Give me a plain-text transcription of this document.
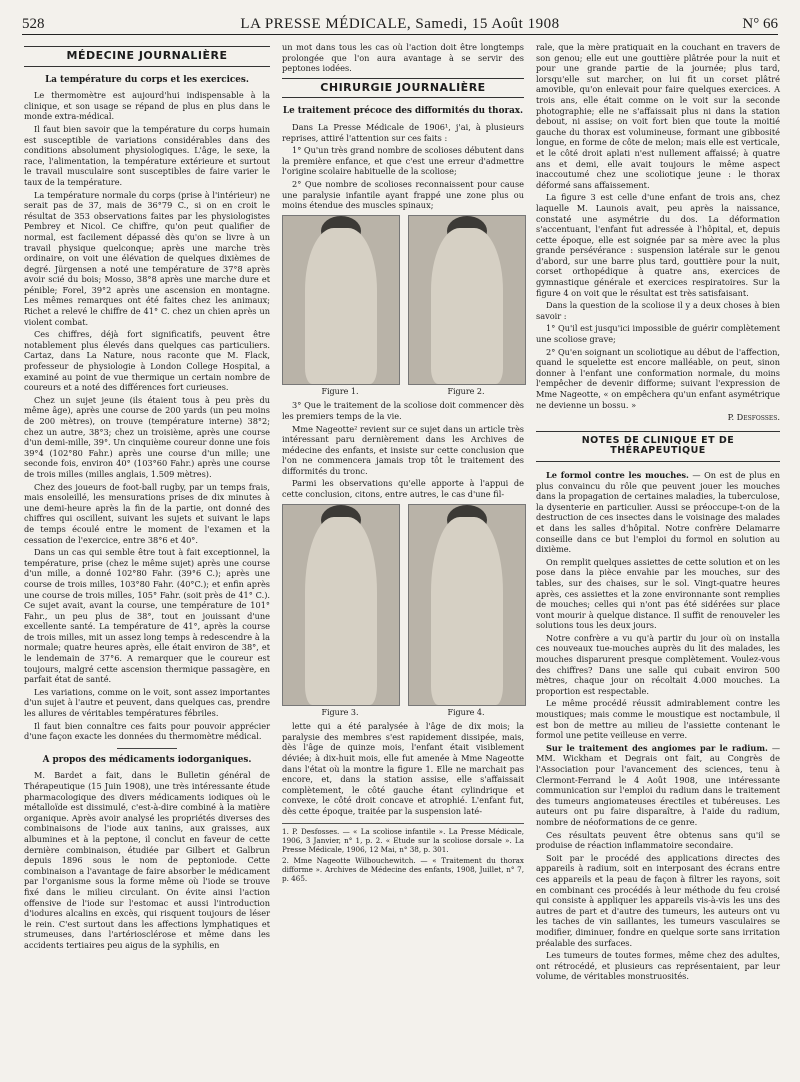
528	LA PRESSE MÉDICALE, Samedi, 15 Août 1908	N° 66
MÉDECINE JOURNALIÈRE
La température du corps et les exercices.

Le thermomètre est aujourd'hui indispensable à la clinique, et son usage se répand de plus en plus dans le monde extra-médical.

Il faut bien savoir que la température du corps humain est susceptible de variations considérables dans des conditions absolument physiologiques. L'âge, le sexe, la race, l'alimentation, la température extérieure et surtout le travail musculaire sont susceptibles de faire varier le taux de la température.

La température normale du corps (prise à l'intérieur) ne serait pas de 37, mais de 36°79 C., si on en croit le résultat de 353 observations faites par les physiologistes Pembrey et Nicol. Ce chiffre, qu'on peut qualifier de normal, est facilement dépassé dès qu'on se livre à un travail physique quelconque; après une marche très ordinaire, on voit une élévation de quelques dixièmes de degré. Jürgensen a noté une température de 37°8 après avoir scié du bois; Mosso, 38°8 après une marche dure et pénible; Forel, 39°2 après une ascension en montagne. Les mêmes remarques ont été faites chez les animaux; Richet a relevé le chiffre de 41° C. chez un chien après un violent combat.

Ces chiffres, déjà fort significatifs, peuvent être notablement plus élevés dans quelques cas particuliers. Cartaz, dans La Nature, nous raconte que M. Flack, professeur de physiologie à London College Hospital, a examiné au point de vue thermique un certain nombre de coureurs et a noté des différences fort curieuses.

Chez un sujet jeune (ils étaient tous à peu près du même âge), après une course de 200 yards (un peu moins de 200 mètres), on trouve (température interne) 38°2; chez un autre, 38°3; chez un troisième, après une course d'un demi-mille, 39°. Un cinquième coureur donne une fois 39°4 (102°80 Fahr.) après une course d'un mille; une seconde fois, environ 40° (103°60 Fahr.) après une course de trois milles (milles anglais, 1.509 mètres).

Chez des joueurs de foot-ball rugby, par un temps frais, mais ensoleillé, les mensurations prises de dix minutes à une demi-heure après la fin de la partie, ont donné des chiffres qui oscillent, suivant les sujets et suivant le laps de temps écoulé entre le moment de l'examen et la cessation de l'exercice, entre 38°6 et 40°.

Dans un cas qui semble être tout à fait exceptionnel, la température, prise (chez le même sujet) après une course d'un mille, a donné 102°80 Fahr. (39°6 C.); après une course de trois milles, 103°80 Fahr. (40°C.); et enfin après une course de trois milles, 105° Fahr. (soit près de 41° C.). Ce sujet avait, avant la course, une température de 101° Fahr., un peu plus de 38°, tout en jouissant d'une excellente santé. La température de 41°, après la course de trois milles, mit un assez long temps à redescendre à la normale; quatre heures après, elle était environ de 38°, et le lendemain de 37°6. A remarquer que le coureur est toujours, malgré cette ascension thermique passagère, en parfait état de santé.

Les variations, comme on le voit, sont assez importantes d'un sujet à l'autre et peuvent, dans quelques cas, prendre les allures de véritables températures fébriles.

Il faut bien connaître ces faits pour pouvoir apprécier d'une façon exacte les données du thermomètre médical.

A propos des médicaments iodorganiques.

M. Bardet a fait, dans le Bulletin général de Thérapeutique (15 Juin 1908), une très intéressante étude pharmacologique des divers médicaments iodiques où le métalloïde est dissimulé, c'est-à-dire combiné à la matière organique. Après avoir analysé les propriétés diverses des combinaisons de l'iode aux tanins, aux graisses, aux albumines et à la peptone, il conclut en faveur de cette dernière combinaison, étudiée par Gilbert et Galbrun depuis 1896 sous le nom de peptoniode. Cette combinaison a l'avantage de faire absorber le médicament par l'organisme sous la forme même où l'iode se trouve fixé dans le milieu circulant. On évite ainsi l'action offensive de l'iode sur l'estomac et aussi l'introduction d'iodures alcalins en excès, qui risquent toujours de léser le rein. C'est surtout dans les affections lymphatiques et strumeuses, dans l'artériosclérose et même dans les accidents tertiaires peu aigus de la syphilis, en

un mot dans tous les cas où l'action doit être longtemps prolongée que l'on aura avantage à se servir des peptones iodées.

CHIRURGIE JOURNALIÈRE
Le traitement précoce des difformités du thorax.

Dans La Presse Médicale de 1906¹, j'ai, à plusieurs reprises, attiré l'attention sur ces faits :

1° Qu'un très grand nombre de scolioses débutent dans la première enfance, et que c'est une erreur d'admettre l'origine scolaire habituelle de la scoliose;

2° Que nombre de scolioses reconnaissent pour cause une paralysie infantile ayant frappé une zone plus ou moins étendue des muscles spinaux;

Figure 1.	Figure 2.

3° Que le traitement de la scoliose doit commencer dès les premiers temps de la vie.

Mme Nageotte² revient sur ce sujet dans un article très intéressant paru dernièrement dans les Archives de médecine des enfants, et insiste sur cette conclusion que l'on ne commencera jamais trop tôt le traitement des difformités du tronc.

Parmi les observations qu'elle apporte à l'appui de cette conclusion, citons, entre autres, le cas d'une fil-

Figure 3.	Figure 4.

lette qui a été paralysée à l'âge de dix mois; la paralysie des membres s'est rapidement dissipée, mais, dès l'âge de quinze mois, l'enfant était visiblement déviée; à dix-huit mois, elle fut amenée à Mme Nageotte dans l'état où la montre la figure 1. Elle ne marchait pas encore, et, dans la station assise, elle s'affaissait complètement, le côté gauche étant cylindrique et convexe, le côté droit concave et atrophié. L'enfant fut, dès cette époque, traitée par la suspension laté-

1. P. Desfosses. — « La scoliose infantile ». La Presse Médicale, 1906, 3 Janvier, n° 1, p. 2. « Etude sur la scoliose dorsale ». La Presse Médicale, 1906, 12 Mai, n° 38, p. 301.

2. Mme Nageotte Wilbouchewitch. — « Traitement du thorax difforme ». Archives de Médecine des enfants, 1908, Juillet, n° 7, p. 465.

rale, que la mère pratiquait en la couchant en travers de son genou; elle eut une gouttière plâtrée pour la nuit et pour une grande partie de la journée; plus tard, lorsqu'elle sut marcher, on lui fit un corset plâtré amovible, qu'on enlevait pour faire quelques exercices. A trois ans, elle était comme on le voit sur la seconde photographie; elle ne s'affaissait plus ni dans la station debout, ni assise; on voit fort bien que toute la moitié gauche du thorax est volumineuse, formant une gibbosité longue, en forme de côte de melon; mais elle est verticale, et le côté droit aplati n'est nullement affaissé; à quatre ans et demi, elle avait toujours le même aspect inaccoutumé chez une scoliotique jeune : le thorax déformé sans affaissement.

La figure 3 est celle d'une enfant de trois ans, chez laquelle M. Launois avait, peu après la naissance, constaté une asymétrie du dos. La déformation s'accentuant, l'enfant fut adressée à l'hôpital, et, depuis cette époque, elle est soignée par sa mère avec la plus grande persévérance : suspension latérale sur le genou d'abord, sur une barre plus tard, gouttière pour la nuit, corset orthopédique à quatre ans, exercices de gymnastique générale et exercices respiratoires. Sur la figure 4 on voit que le résultat est très satisfaisant.

Dans la question de la scoliose il y a deux choses à bien savoir :

1° Qu'il est jusqu'ici impossible de guérir complètement une scoliose grave;

2° Qu'en soignant un scoliotique au début de l'affection, quand le squelette est encore malléable, on peut, sinon donner à l'enfant une conformation normale, du moins l'empêcher de devenir difforme; suivant l'expression de Mme Nageotte, « on empêchera qu'un enfant asymétrique ne devienne un bossu. »

P. Desfosses.
NOTES DE CLINIQUE ET DE THÉRAPEUTIQUE

Le formol contre les mouches. — On est de plus en plus convaincu du rôle que peuvent jouer les mouches dans la propagation de certaines maladies, la tuberculose, la dysenterie en particulier. Aussi se préoccupe-t-on de la destruction de ces insectes dans le voisinage des malades et dans les salles d'hôpital. Notre confrère Delamarre conseille dans ce but l'emploi du formol en solution au dixième.

On remplit quelques assiettes de cette solution et on les pose dans la pièce envahie par les mouches, sur des tables, sur des chaises, sur le sol. Vingt-quatre heures après, ces assiettes et la zone environnante sont remplies de mouches; celles qui n'ont pas été sidérées sur place vont mourir à quelque distance. Il suffit de renouveler les solutions tous les deux jours.

Notre confrère a vu qu'à partir du jour où on installa ces nouveaux tue-mouches auprès du lit des malades, les mouches disparurent presque complètement. Voulez-vous des chiffres? Dans une salle qui cubait environ 500 mètres, chaque jour on récoltait 4.000 mouches. La proportion est respectable.

Le même procédé réussit admirablement contre les moustiques; mais comme le moustique est noctambule, il est bon de mettre au milieu de l'assiette contenant le formol une petite veilleuse en verre.

Sur le traitement des angiomes par le radium. — MM. Wickham et Degrais ont fait, au Congrès de l'Association pour l'avancement des sciences, tenu à Clermont-Ferrand le 4 Août 1908, une intéressante communication sur l'emploi du radium dans le traitement des tumeurs angiomateuses érectiles et tubéreuses. Les auteurs ont pu faire disparaître, à l'aide du radium, nombre de néoformations de ce genre.

Ces résultats peuvent être obtenus sans qu'il se produise de réaction inflammatoire secondaire.

Soit par le procédé des applications directes des appareils à radium, soit en interposant des écrans entre ces appareils et la peau de façon à filtrer les rayons, soit en combinant ces procédés à leur méthode du feu croisé qui consiste à appliquer les appareils vis-à-vis les uns des autres de part et d'autre des tumeurs, les auteurs ont vu les taches de vin saillantes, les tumeurs vasculaires se modifier, diminuer, fondre en quelque sorte sans irritation préalable des surfaces.

Les tumeurs de toutes formes, même chez des adultes, ont rétrocédé, et plusieurs cas représentaient, par leur volume, de véritables monstruosités.
